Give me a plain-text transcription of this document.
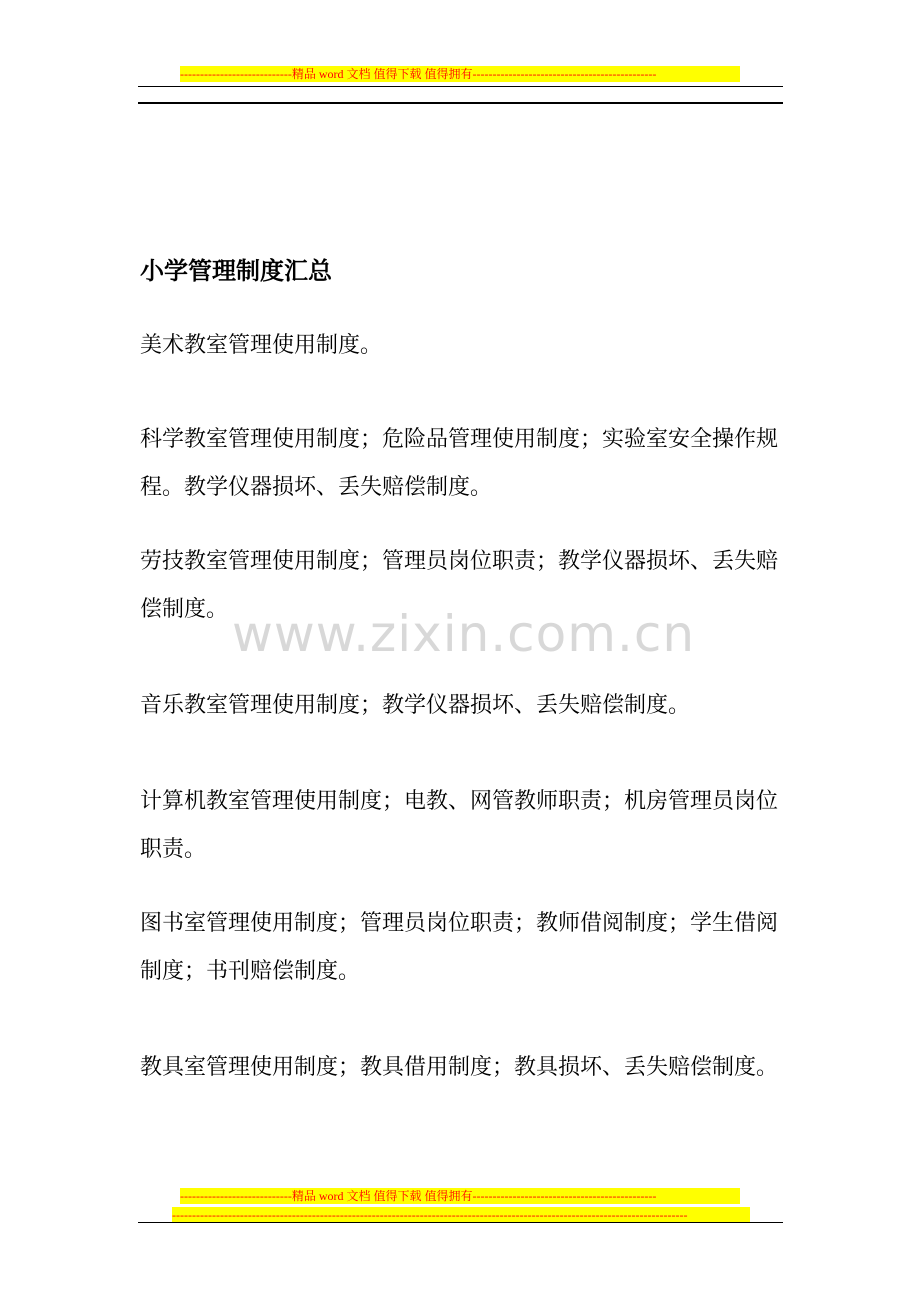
----------------------------精品 word 文档 值得下载 值得拥有----------------------------------------------
小学管理制度汇总
美术教室管理使用制度。
科学教室管理使用制度；危险品管理使用制度；实验室安全操作规程。教学仪器损坏、丢失赔偿制度。
劳技教室管理使用制度；管理员岗位职责；教学仪器损坏、丢失赔偿制度。
音乐教室管理使用制度；教学仪器损坏、丢失赔偿制度。
计算机教室管理使用制度；电教、网管教师职责；机房管理员岗位职责。
图书室管理使用制度；管理员岗位职责；教师借阅制度；学生借阅制度；书刊赔偿制度。
教具室管理使用制度；教具借用制度；教具损坏、丢失赔偿制度。
www.zixin.com.cn
----------------------------精品 word 文档 值得下载 值得拥有----------------------------------------------
---------------------------------------------------------------------------------------------------------------------------------
